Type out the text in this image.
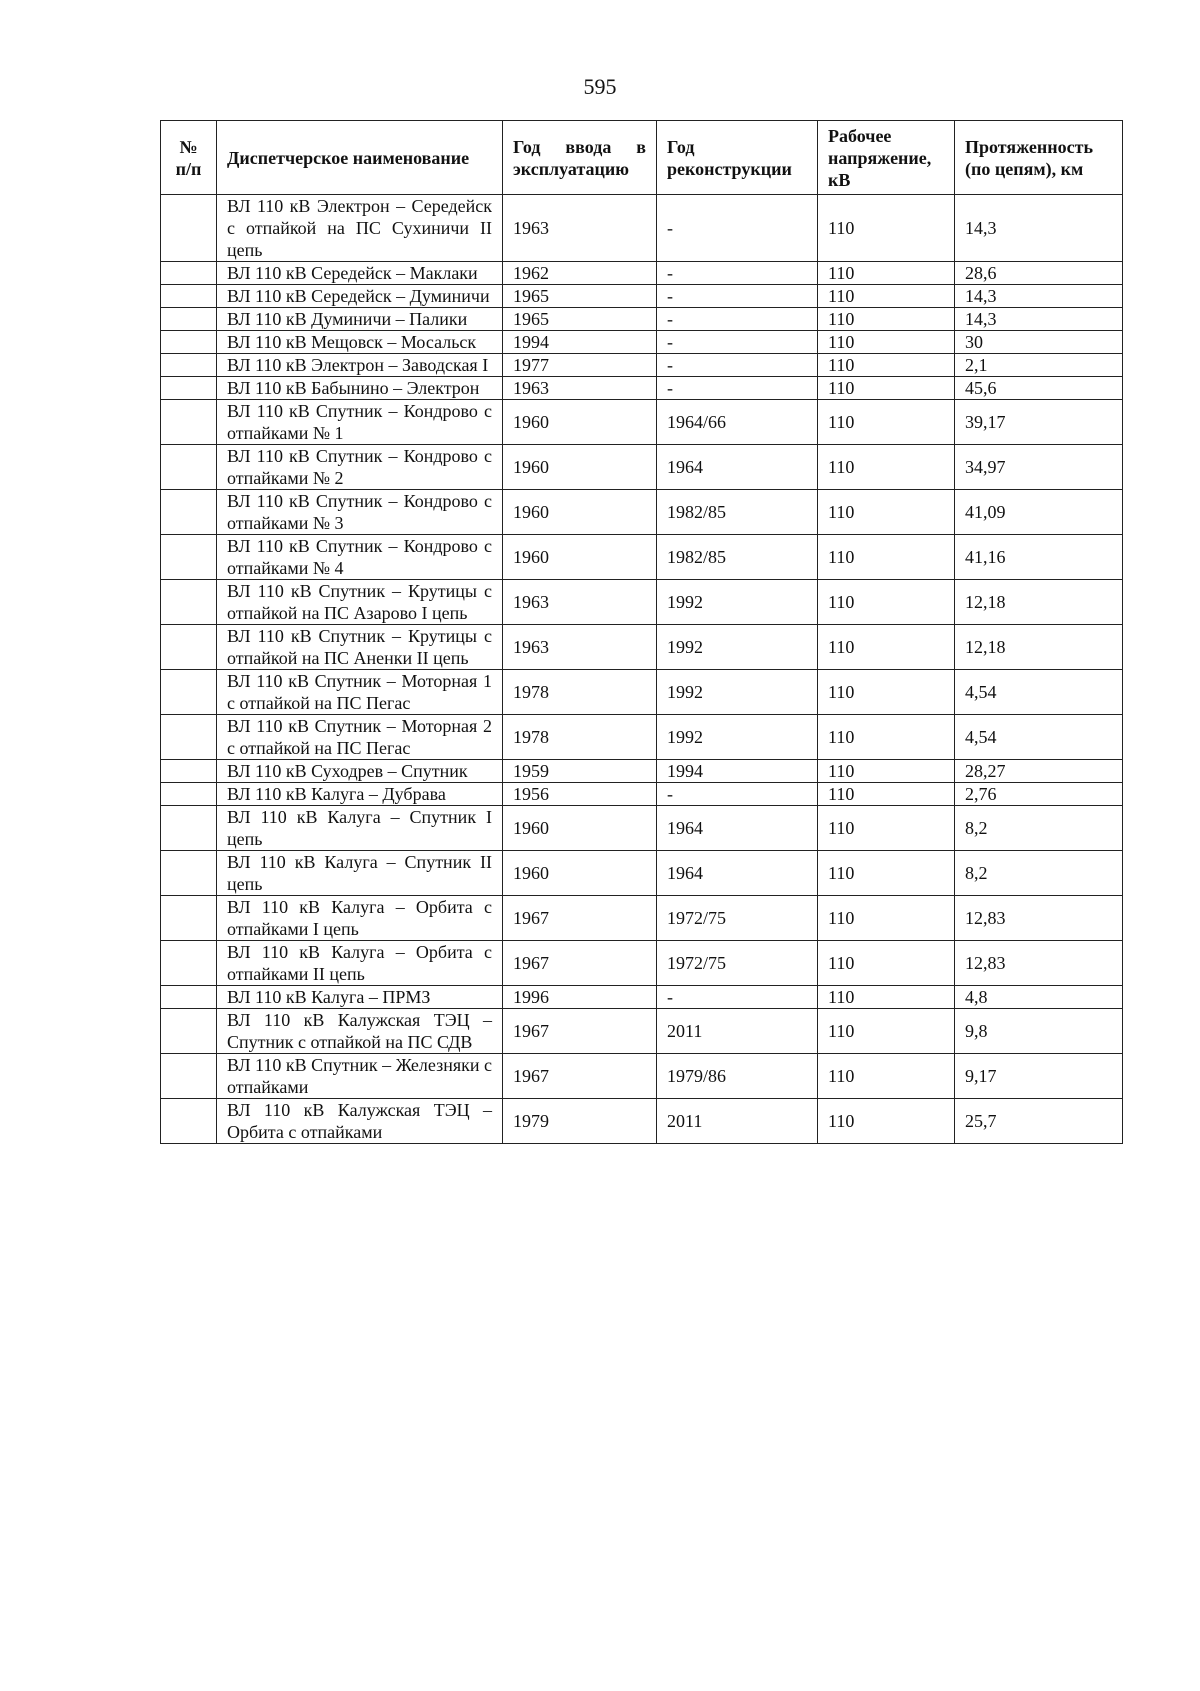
595
№ п/п	Диспетчерское наименование	Год ввода в эксплуатацию	Год реконструкции	Рабочее напряжение, кВ	Протяженность (по цепям), км
	ВЛ 110 кВ Электрон – Середейск с отпайкой на ПС Сухиничи II цепь	1963	-	110	14,3
	ВЛ 110 кВ Середейск – Маклаки	1962	-	110	28,6
	ВЛ 110 кВ Середейск – Думиничи	1965	-	110	14,3
	ВЛ 110 кВ Думиничи – Палики	1965	-	110	14,3
	ВЛ 110 кВ Мещовск – Мосальск	1994	-	110	30
	ВЛ 110 кВ Электрон – Заводская I	1977	-	110	2,1
	ВЛ 110 кВ Бабынино – Электрон	1963	-	110	45,6
	ВЛ 110 кВ Спутник – Кондрово с отпайками № 1	1960	1964/66	110	39,17
	ВЛ 110 кВ Спутник – Кондрово с отпайками № 2	1960	1964	110	34,97
	ВЛ 110 кВ Спутник – Кондрово с отпайками № 3	1960	1982/85	110	41,09
	ВЛ 110 кВ Спутник – Кондрово с отпайками № 4	1960	1982/85	110	41,16
	ВЛ 110 кВ Спутник – Крутицы с отпайкой на ПС Азарово I цепь	1963	1992	110	12,18
	ВЛ 110 кВ Спутник – Крутицы с отпайкой на ПС Аненки II цепь	1963	1992	110	12,18
	ВЛ 110 кВ Спутник – Моторная 1 с отпайкой на ПС Пегас	1978	1992	110	4,54
	ВЛ 110 кВ Спутник – Моторная 2 с отпайкой на ПС Пегас	1978	1992	110	4,54
	ВЛ 110 кВ Суходрев – Спутник	1959	1994	110	28,27
	ВЛ 110 кВ Калуга – Дубрава	1956	-	110	2,76
	ВЛ 110 кВ Калуга – Спутник I цепь	1960	1964	110	8,2
	ВЛ 110 кВ Калуга – Спутник II цепь	1960	1964	110	8,2
	ВЛ 110 кВ Калуга – Орбита с отпайками I цепь	1967	1972/75	110	12,83
	ВЛ 110 кВ Калуга – Орбита с отпайками II цепь	1967	1972/75	110	12,83
	ВЛ 110 кВ Калуга – ПРМЗ	1996	-	110	4,8
	ВЛ 110 кВ Калужская ТЭЦ – Спутник с отпайкой на ПС СДВ	1967	2011	110	9,8
	ВЛ 110 кВ Спутник – Железняки с отпайками	1967	1979/86	110	9,17
	ВЛ 110 кВ Калужская ТЭЦ – Орбита с отпайками	1979	2011	110	25,7
